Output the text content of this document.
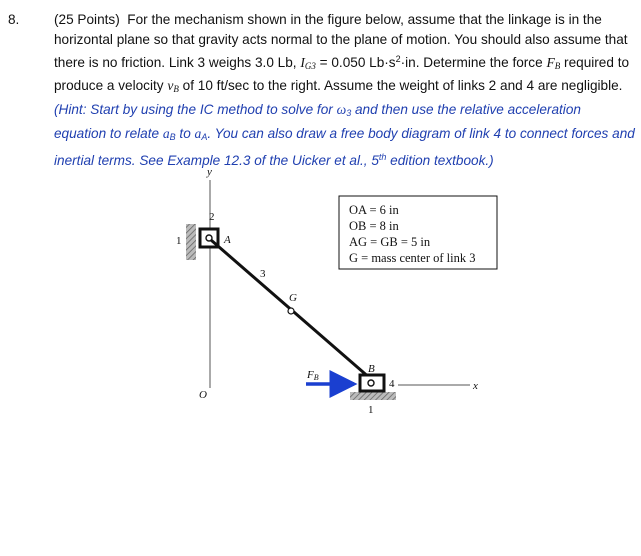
8.	(25 Points) For the mechanism shown in the figure below, assume that the linkage is in the horizontal plane so that gravity acts normal to the plane of motion. You should also assume that there is no friction. Link 3 weighs 3.0 Lb, $I_{G3} = 0.050$ $Lb\cdot s^2\cdot in$. Determine the force $F_B$ required to produce a velocity $v_B$ of 10 ft/sec to the right. Assume the weight of links 2 and 4 are negligible. (Hint: Start by using the IC method to solve for $\omega_3$ and then use the relative acceleration equation to relate $a_B$ to $a_A$. You can also draw a free body diagram of link 4 to connect forces and inertial terms. See Example 12.3 of the Uicker et al., 5th edition textbook.)
y
x
O
1
2
A
3
G
1
B
4
FB
OA = 6 in
OB = 8 in
AG = GB = 5 in
G = mass center of link 3
